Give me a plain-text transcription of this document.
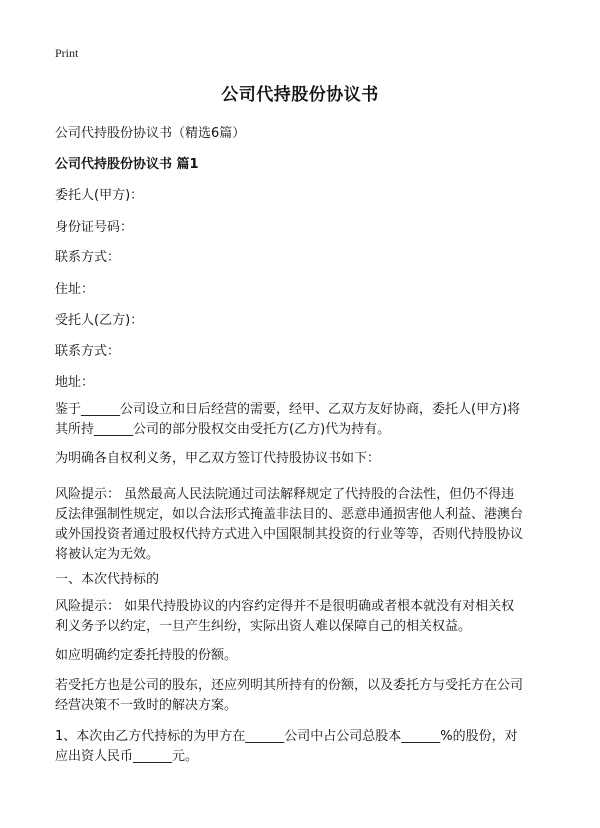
Print
公司代持股份协议书
公司代持股份协议书（精选6篇）
公司代持股份协议书 篇1
委托人(甲方)：
身份证号码：
联系方式：
住址：
受托人(乙方)：
联系方式：
地址：
鉴于______公司设立和日后经营的需要，经甲、乙双方友好协商，委托人(甲方)将
其所持______公司的部分股权交由受托方(乙方)代为持有。
为明确各自权利义务，甲乙双方签订代持股协议书如下：
风险提示： 虽然最高人民法院通过司法解释规定了代持股的合法性，但仍不得违
反法律强制性规定，如以合法形式掩盖非法目的、恶意串通损害他人利益、港澳台
或外国投资者通过股权代持方式进入中国限制其投资的行业等等，否则代持股协议
将被认定为无效。
一、本次代持标的
风险提示： 如果代持股协议的内容约定得并不是很明确或者根本就没有对相关权
利义务予以约定，一旦产生纠纷，实际出资人难以保障自己的相关权益。
如应明确约定委托持股的份额。
若受托方也是公司的股东，还应列明其所持有的份额，以及委托方与受托方在公司
经营决策不一致时的解决方案。
1、本次由乙方代持标的为甲方在______公司中占公司总股本______%的股份，对
应出资人民币______元。
